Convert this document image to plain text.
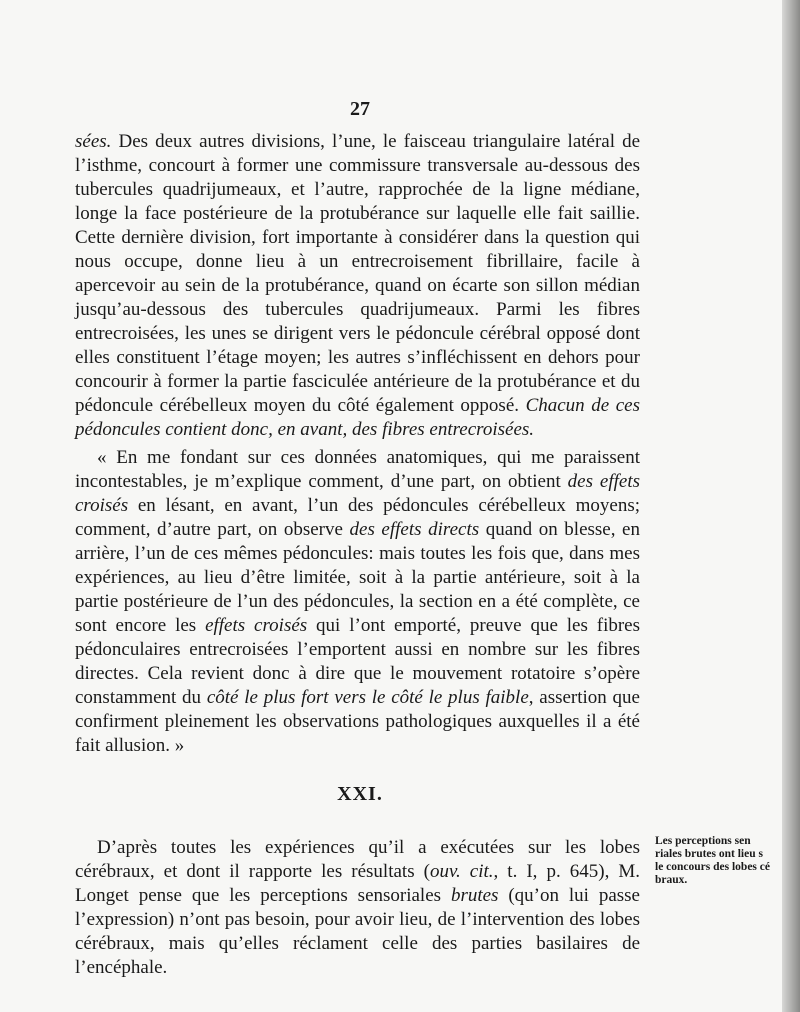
27

sées. Des deux autres divisions, l’une, le faisceau triangulaire latéral de l’isthme, concourt à former une commissure transversale au-dessous des tubercules quadrijumeaux, et l’autre, rapprochée de la ligne médiane, longe la face postérieure de la protubérance sur laquelle elle fait saillie. Cette dernière division, fort importante à considérer dans la question qui nous occupe, donne lieu à un entrecroisement fibrillaire, facile à apercevoir au sein de la protubérance, quand on écarte son sillon médian jusqu’au-dessous des tubercules quadrijumeaux. Parmi les fibres entrecroisées, les unes se dirigent vers le pédoncule cérébral opposé dont elles constituent l’étage moyen; les autres s’infléchissent en dehors pour concourir à former la partie fasciculée antérieure de la protubérance et du pédoncule cérébelleux moyen du côté également opposé. Chacun de ces pédoncules contient donc, en avant, des fibres entrecroisées.

« En me fondant sur ces données anatomiques, qui me paraissent incontestables, je m’explique comment, d’une part, on obtient des effets croisés en lésant, en avant, l’un des pédoncules cérébelleux moyens; comment, d’autre part, on observe des effets directs quand on blesse, en arrière, l’un de ces mêmes pédoncules: mais toutes les fois que, dans mes expériences, au lieu d’être limitée, soit à la partie antérieure, soit à la partie postérieure de l’un des pédoncules, la section en a été complète, ce sont encore les effets croisés qui l’ont emporté, preuve que les fibres pédonculaires entrecroisées l’emportent aussi en nombre sur les fibres directes. Cela revient donc à dire que le mouvement rotatoire s’opère constamment du côté le plus fort vers le côté le plus faible, assertion que confirment pleinement les observations pathologiques auxquelles il a été fait allusion. »

XXI.

D’après toutes les expériences qu’il a exécutées sur les lobes cérébraux, et dont il rapporte les résultats (ouv. cit., t. I, p. 645), M. Longet pense que les perceptions sensoriales brutes (qu’on lui passe l’expression) n’ont pas besoin, pour avoir lieu, de l’intervention des lobes cérébraux, mais qu’elles réclament celle des parties basilaires de l’encéphale.

Les perceptions sen
riales brutes ont lieu s
le concours des lobes cé
braux.
